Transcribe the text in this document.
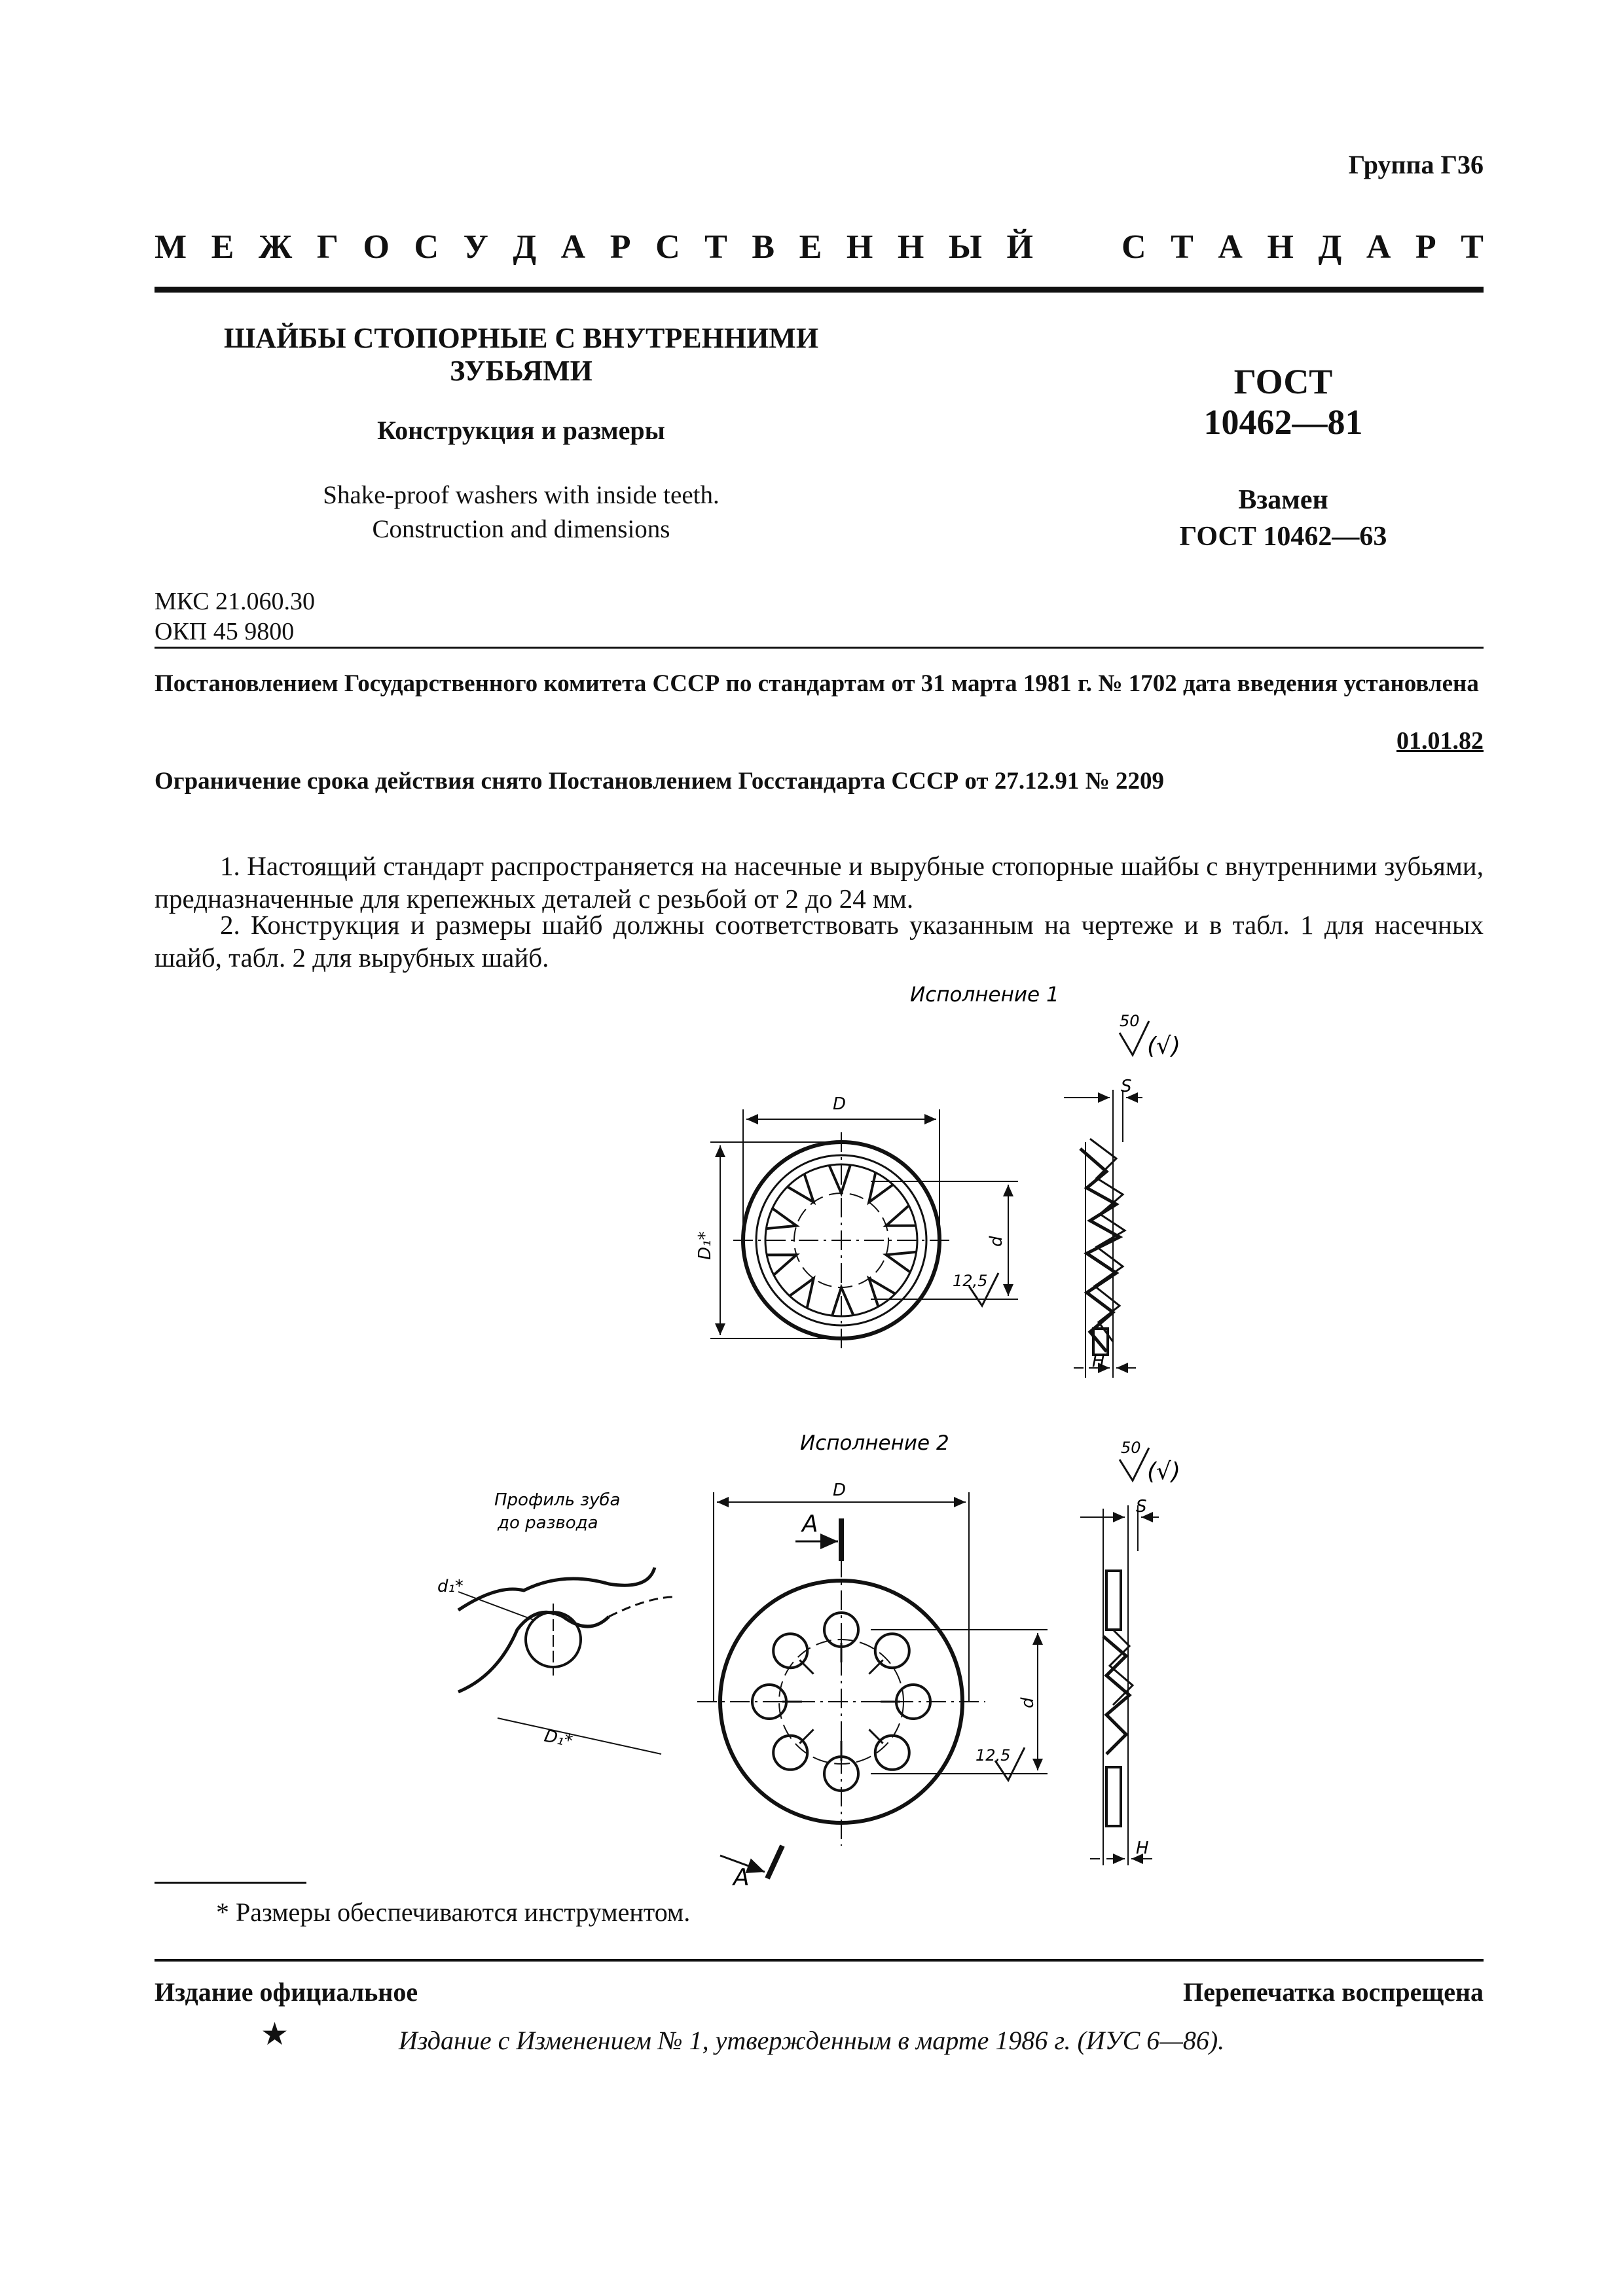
Группа Г36
М Е Ж Г О С У Д А Р С Т В Е Н Н Ы Й	С Т А Н Д А Р Т
ШАЙБЫ СТОПОРНЫЕ С ВНУТРЕННИМИ
ЗУБЬЯМИ
Конструкция и размеры
Shake-proof washers with inside teeth.
Construction and dimensions
ГОСТ
10462—81
Взамен
ГОСТ 10462—63
МКС 21.060.30
ОКП 45 9800
Постановлением Государственного комитета СССР по стандартам от 31 марта 1981 г. № 1702 дата введения установлена
01.01.82
Ограничение срока действия снято Постановлением Госстандарта СССР от 27.12.91 № 2209
1. Настоящий стандарт распространяется на насечные и вырубные стопорные шайбы с внутренними зубьями, предназначенные для крепежных деталей с резьбой от 2 до 24 мм.
2. Конструкция и размеры шайб должны соответствовать указанным на чертеже и в табл. 1 для насечных шайб, табл. 2 для вырубных шайб.
Исполнение 1
50
(√)
D
D₁*	d
12,5
S
H
Исполнение 2	50
(√)
Профиль зуба
до развода
d₁*
D₁*
D
d
12,5
A
A
S
H
* Размеры обеспечиваются инструментом.
Издание официальное	Перепечатка воспрещена
★	Издание с Изменением № 1, утвержденным в марте 1986 г. (ИУС 6—86).
